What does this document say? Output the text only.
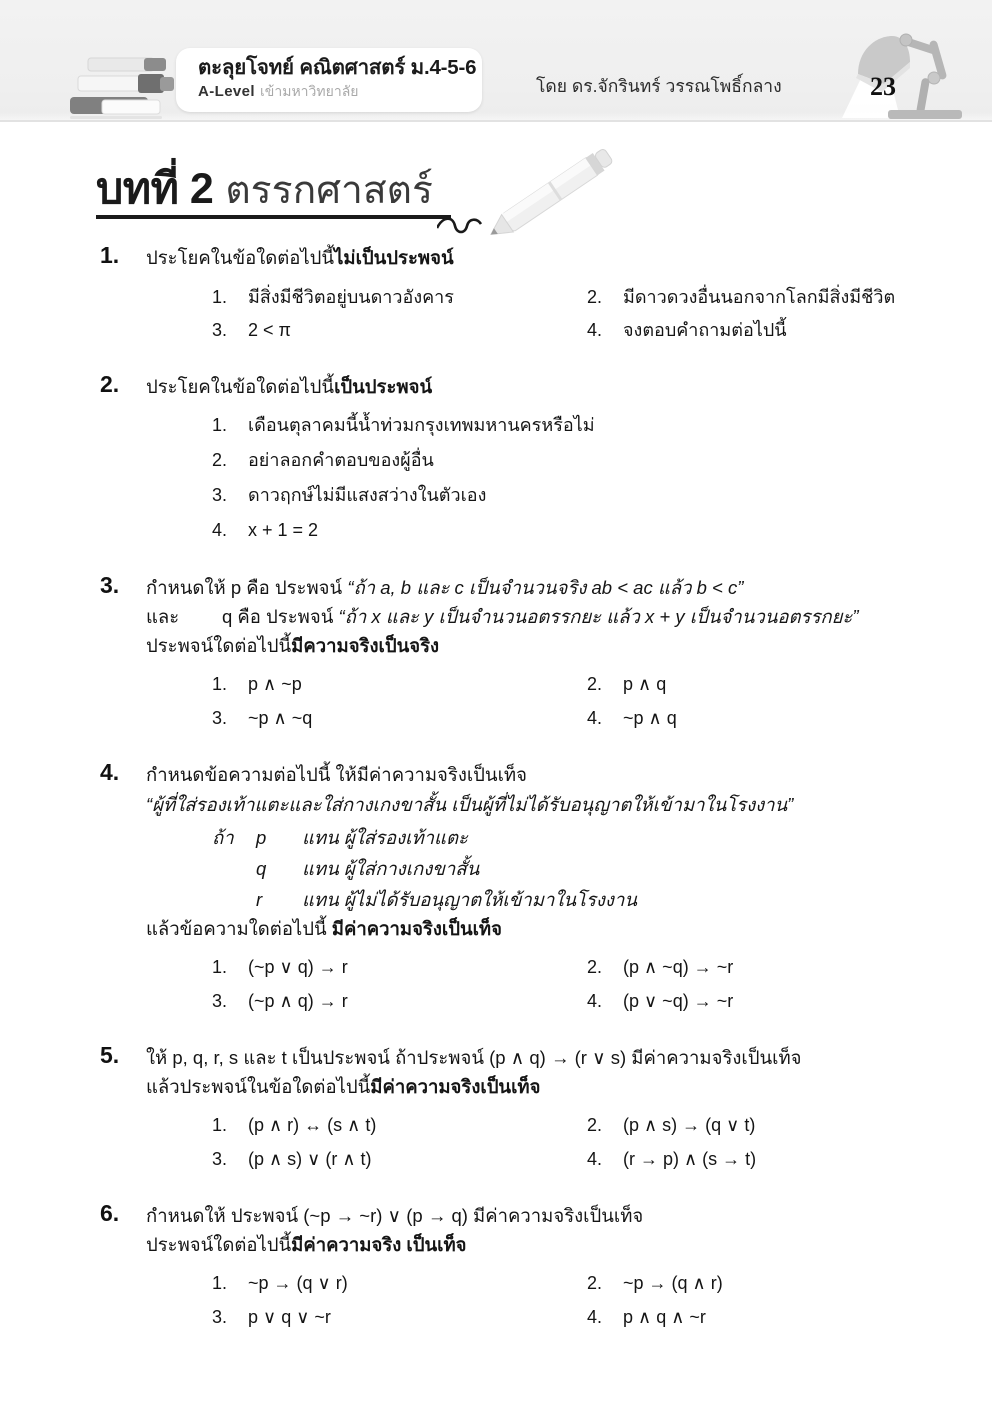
ตะลุยโจทย์ คณิตศาสตร์ ม.4-5-6
A-Level เข้ามหาวิทยาลัย	โดย ดร.จักรินทร์ วรรณโพธิ์กลาง	23
บทที่ 2 ตรรกศาสตร์
1.	ประโยคในข้อใดต่อไปนี้ไม่เป็นประพจน์
1.	มีสิ่งมีชีวิตอยู่บนดาวอังคาร	2.	มีดาวดวงอื่นนอกจากโลกมีสิ่งมีชีวิต
3.	2 < π	4.	จงตอบคำถามต่อไปนี้
2.	ประโยคในข้อใดต่อไปนี้เป็นประพจน์
1.	เดือนตุลาคมนี้น้ำท่วมกรุงเทพมหานครหรือไม่
2.	อย่าลอกคำตอบของผู้อื่น
3.	ดาวฤกษ์ไม่มีแสงสว่างในตัวเอง
4.	x + 1 = 2
3.	กำหนดให้ p คือ ประพจน์ “ถ้า a, b และ c เป็นจำนวนจริง ab < ac แล้ว b < c”
และ q คือ ประพจน์ “ถ้า x และ y เป็นจำนวนอตรรกยะ แล้ว x + y เป็นจำนวนอตรรกยะ”
ประพจน์ใดต่อไปนี้มีความจริงเป็นจริง
1.	p ∧ ~p	2.	p ∧ q
3.	~p ∧ ~q	4.	~p ∧ q
4.	กำหนดข้อความต่อไปนี้ ให้มีค่าความจริงเป็นเท็จ
“ผู้ที่ใส่รองเท้าแตะและใส่กางเกงขาสั้น เป็นผู้ที่ไม่ได้รับอนุญาตให้เข้ามาในโรงงาน”
ถ้า p แทน ผู้ใส่รองเท้าแตะ
q แทน ผู้ใส่กางเกงขาสั้น
r แทน ผู้ไม่ได้รับอนุญาตให้เข้ามาในโรงงาน
แล้วข้อความใดต่อไปนี้ มีค่าความจริงเป็นเท็จ
1.	(~p ∨ q) → r	2.	(p ∧ ~q) → ~r
3.	(~p ∧ q) → r	4.	(p ∨ ~q) → ~r
5.	ให้ p, q, r, s และ t เป็นประพจน์ ถ้าประพจน์ (p ∧ q) → (r ∨ s) มีค่าความจริงเป็นเท็จ
แล้วประพจน์ในข้อใดต่อไปนี้มีค่าความจริงเป็นเท็จ
1.	(p ∧ r) ↔ (s ∧ t)	2.	(p ∧ s) → (q ∨ t)
3.	(p ∧ s) ∨ (r ∧ t)	4.	(r → p) ∧ (s → t)
6.	กำหนดให้ ประพจน์ (~p → ~r) ∨ (p → q) มีค่าความจริงเป็นเท็จ
ประพจน์ใดต่อไปนี้มีค่าความจริง เป็นเท็จ
1.	~p → (q ∨ r)	2.	~p → (q ∧ r)
3.	p ∨ q ∨ ~r	4.	p ∧ q ∧ ~r
